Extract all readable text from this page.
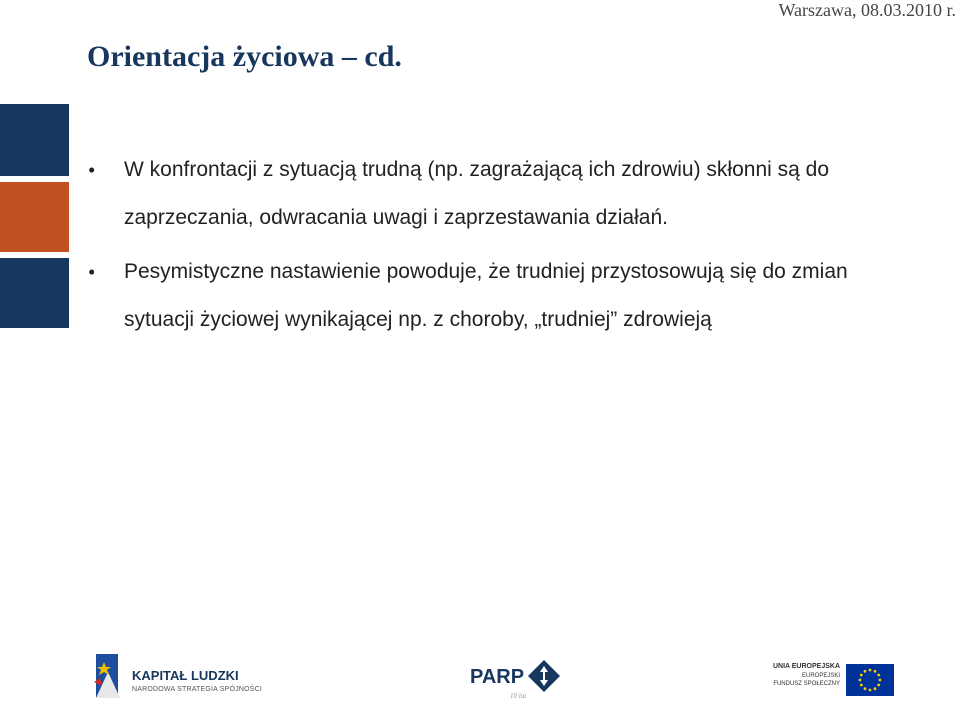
Warszawa, 08.03.2010 r.
Orientacja życiowa – cd.
• W konfrontacji z sytuacją trudną (np. zagrażającą ich zdrowiu) skłonni są do zaprzeczania, odwracania uwagi i zaprzestawania działań.

• Pesymistyczne nastawienie powoduje, że trudniej przystosowują się do zmian sytuacji życiowej wynikającej np. z choroby, „trudniej” zdrowieją

KAPITAŁ LUDZKI
NARODOWA STRATEGIA SPÓJNOŚCI
PARP
10 lat
UNIA EUROPEJSKA
EUROPEJSKI
FUNDUSZ SPOŁECZNY
